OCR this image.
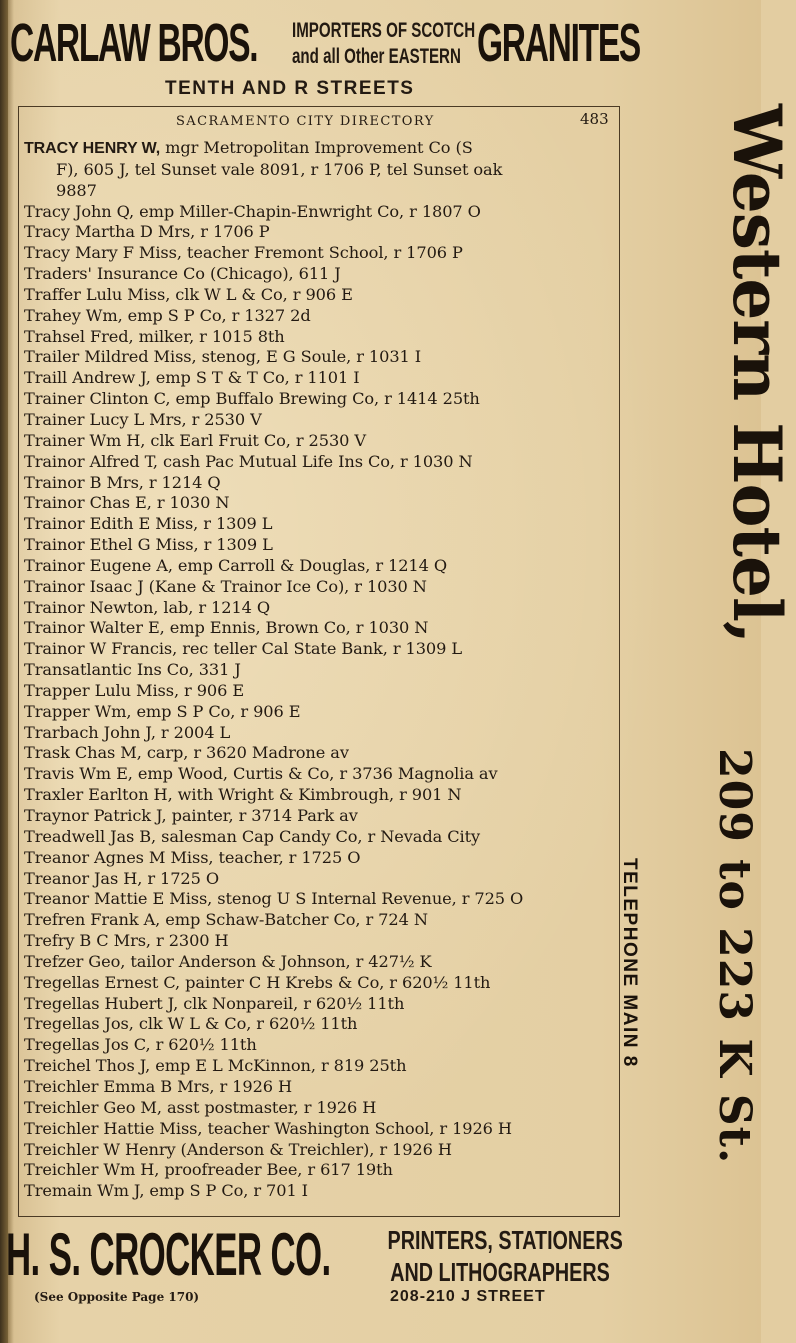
CARLAW BROS. IMPORTERS OF SCOTCH
and all Other EASTERN GRANITES
TENTH AND R STREETS
SACRAMENTO CITY DIRECTORY	483
TRACY HENRY W, mgr Metropolitan Improvement Co (S
F), 605 J, tel Sunset vale 8091, r 1706 P, tel Sunset oak
9887
Tracy John Q, emp Miller-Chapin-Enwright Co, r 1807 O
Tracy Martha D Mrs, r 1706 P
Tracy Mary F Miss, teacher Fremont School, r 1706 P
Traders' Insurance Co (Chicago), 611 J
Traffer Lulu Miss, clk W L & Co, r 906 E
Trahey Wm, emp S P Co, r 1327 2d
Trahsel Fred, milker, r 1015 8th
Trailer Mildred Miss, stenog, E G Soule, r 1031 I
Traill Andrew J, emp S T & T Co, r 1101 I
Trainer Clinton C, emp Buffalo Brewing Co, r 1414 25th
Trainer Lucy L Mrs, r 2530 V
Trainer Wm H, clk Earl Fruit Co, r 2530 V
Trainor Alfred T, cash Pac Mutual Life Ins Co, r 1030 N
Trainor B Mrs, r 1214 Q
Trainor Chas E, r 1030 N
Trainor Edith E Miss, r 1309 L
Trainor Ethel G Miss, r 1309 L
Trainor Eugene A, emp Carroll & Douglas, r 1214 Q
Trainor Isaac J (Kane & Trainor Ice Co), r 1030 N
Trainor Newton, lab, r 1214 Q
Trainor Walter E, emp Ennis, Brown Co, r 1030 N
Trainor W Francis, rec teller Cal State Bank, r 1309 L
Transatlantic Ins Co, 331 J
Trapper Lulu Miss, r 906 E
Trapper Wm, emp S P Co, r 906 E
Trarbach John J, r 2004 L
Trask Chas M, carp, r 3620 Madrone av
Travis Wm E, emp Wood, Curtis & Co, r 3736 Magnolia av
Traxler Earlton H, with Wright & Kimbrough, r 901 N
Traynor Patrick J, painter, r 3714 Park av
Treadwell Jas B, salesman Cap Candy Co, r Nevada City
Treanor Agnes M Miss, teacher, r 1725 O
Treanor Jas H, r 1725 O
Treanor Mattie E Miss, stenog U S Internal Revenue, r 725 O
Trefren Frank A, emp Schaw-Batcher Co, r 724 N
Trefry B C Mrs, r 2300 H
Trefzer Geo, tailor Anderson & Johnson, r 427½ K
Tregellas Ernest C, painter C H Krebs & Co, r 620½ 11th
Tregellas Hubert J, clk Nonpareil, r 620½ 11th
Tregellas Jos, clk W L & Co, r 620½ 11th
Tregellas Jos C, r 620½ 11th
Treichel Thos J, emp E L McKinnon, r 819 25th
Treichler Emma B Mrs, r 1926 H
Treichler Geo M, asst postmaster, r 1926 H
Treichler Hattie Miss, teacher Washington School, r 1926 H
Treichler W Henry (Anderson & Treichler), r 1926 H
Treichler Wm H, proofreader Bee, r 617 19th
Tremain Wm J, emp S P Co, r 701 I
Western Hotel,
209 to 223 K St.
TELEPHONE MAIN 8
H. S. CROCKER CO. PRINTERS, STATIONERS
AND LITHOGRAPHERS
(See Opposite Page 170)	208-210 J STREET
